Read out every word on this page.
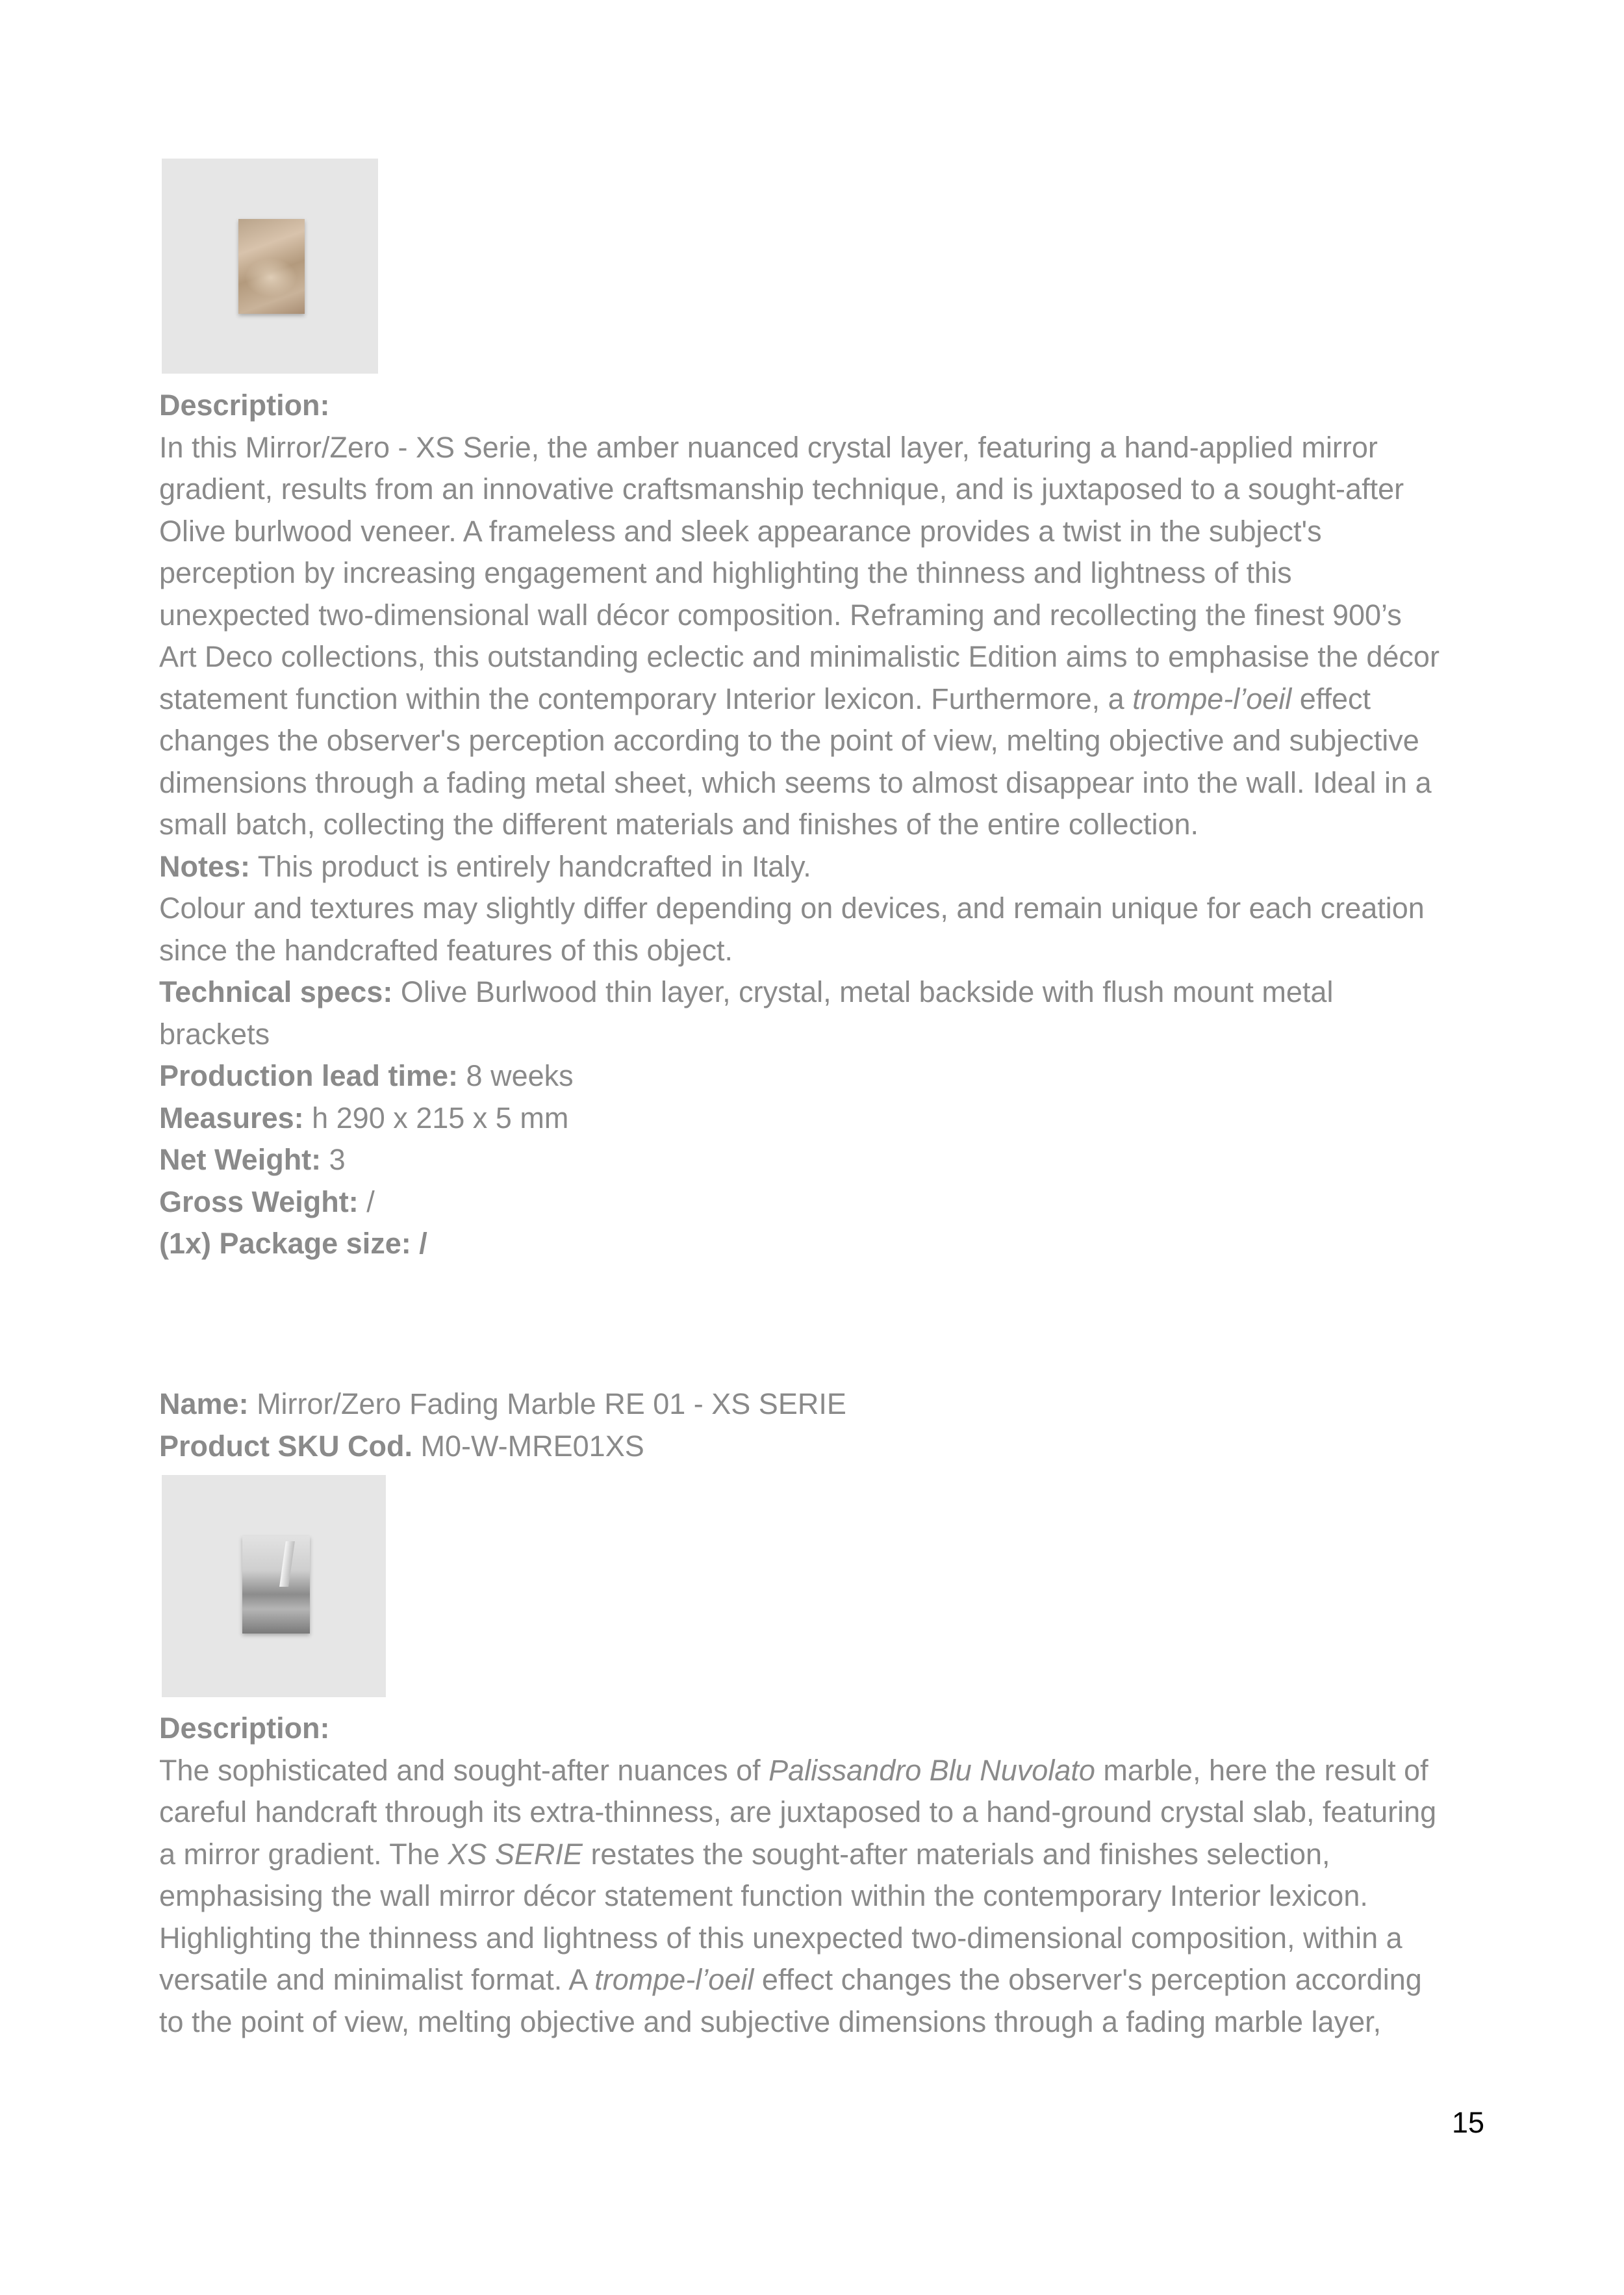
Description:
In this Mirror/Zero - XS Serie, the amber nuanced crystal layer, featuring a hand-applied mirror
gradient, results from an innovative craftsmanship technique, and is juxtaposed to a sought-after
Olive burlwood veneer. A frameless and sleek appearance provides a twist in the subject's
perception by increasing engagement and highlighting the thinness and lightness of this
unexpected two-dimensional wall décor composition. Reframing and recollecting the finest 900’s
Art Deco collections, this outstanding eclectic and minimalistic Edition aims to emphasise the décor
statement function within the contemporary Interior lexicon. Furthermore, a trompe-l’oeil effect
changes the observer's perception according to the point of view, melting objective and subjective
dimensions through a fading metal sheet, which seems to almost disappear into the wall. Ideal in a
small batch, collecting the different materials and finishes of the entire collection.
Notes: This product is entirely handcrafted in Italy.
Colour and textures may slightly differ depending on devices, and remain unique for each creation
since the handcrafted features of this object.
Technical specs: Olive Burlwood thin layer, crystal, metal backside with flush mount metal
brackets
Production lead time: 8 weeks
Measures: h 290 x 215 x 5 mm
Net Weight: 3
Gross Weight: /
(1x) Package size: /
Name: Mirror/Zero Fading Marble RE 01 - XS SERIE
Product SKU Cod. M0-W-MRE01XS
Description:
The sophisticated and sought-after nuances of Palissandro Blu Nuvolato marble, here the result of
careful handcraft through its extra-thinness, are juxtaposed to a hand-ground crystal slab, featuring
a mirror gradient. The XS SERIE restates the sought-after materials and finishes selection,
emphasising the wall mirror décor statement function within the contemporary Interior lexicon.
Highlighting the thinness and lightness of this unexpected two-dimensional composition, within a
versatile and minimalist format. A trompe-l’oeil effect changes the observer's perception according
to the point of view, melting objective and subjective dimensions through a fading marble layer,
15
